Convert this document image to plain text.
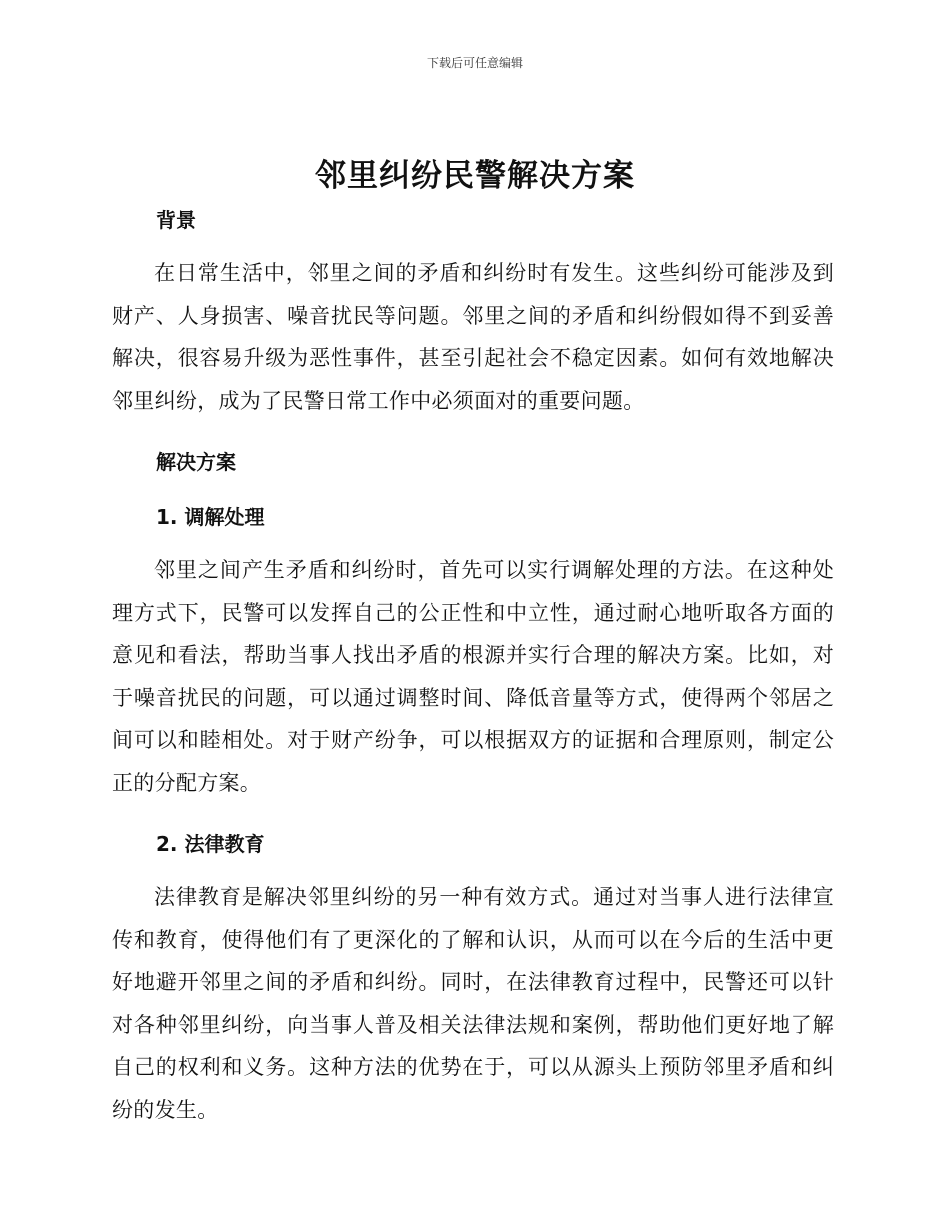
下载后可任意编辑
邻里纠纷民警解决方案
背景

在日常生活中，邻里之间的矛盾和纠纷时有发生。这些纠纷可能涉及到财产、人身损害、噪音扰民等问题。邻里之间的矛盾和纠纷假如得不到妥善解决，很容易升级为恶性事件，甚至引起社会不稳定因素。如何有效地解决邻里纠纷，成为了民警日常工作中必须面对的重要问题。

解决方案
1. 调解处理

邻里之间产生矛盾和纠纷时，首先可以实行调解处理的方法。在这种处理方式下，民警可以发挥自己的公正性和中立性，通过耐心地听取各方面的意见和看法，帮助当事人找出矛盾的根源并实行合理的解决方案。比如，对于噪音扰民的问题，可以通过调整时间、降低音量等方式，使得两个邻居之间可以和睦相处。对于财产纷争，可以根据双方的证据和合理原则，制定公正的分配方案。

2. 法律教育

法律教育是解决邻里纠纷的另一种有效方式。通过对当事人进行法律宣传和教育，使得他们有了更深化的了解和认识，从而可以在今后的生活中更好地避开邻里之间的矛盾和纠纷。同时，在法律教育过程中，民警还可以针对各种邻里纠纷，向当事人普及相关法律法规和案例，帮助他们更好地了解自己的权利和义务。这种方法的优势在于，可以从源头上预防邻里矛盾和纠纷的发生。
